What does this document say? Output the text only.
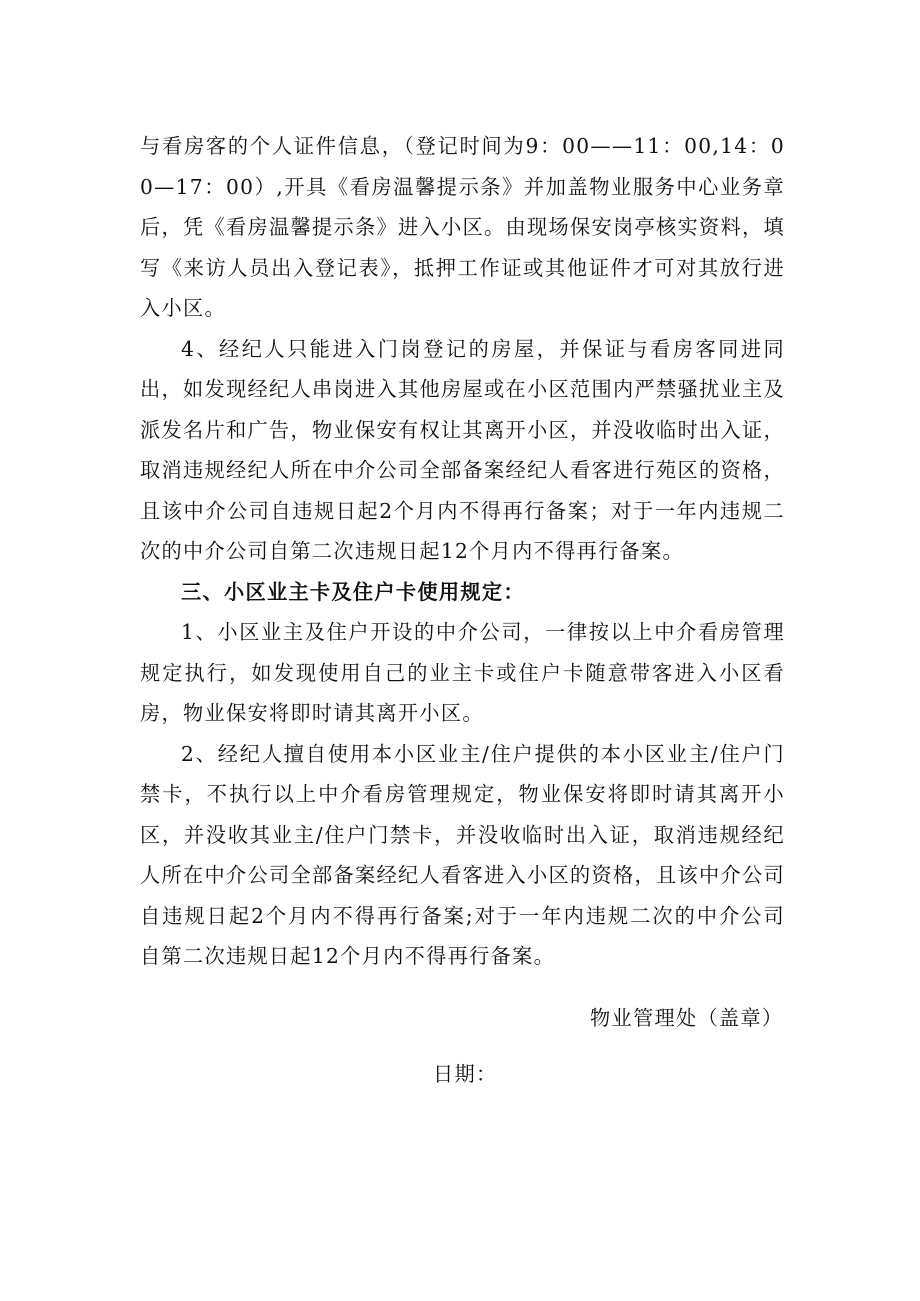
与看房客的个人证件信息，（登记时间为9：00——11：00,14：00—17：00）,开具《看房温馨提示条》并加盖物业服务中心业务章后，凭《看房温馨提示条》进入小区。由现场保安岗亭核实资料，填写《来访人员出入登记表》，抵押工作证或其他证件才可对其放行进入小区。

4、经纪人只能进入门岗登记的房屋，并保证与看房客同进同出，如发现经纪人串岗进入其他房屋或在小区范围内严禁骚扰业主及派发名片和广告，物业保安有权让其离开小区，并没收临时出入证，取消违规经纪人所在中介公司全部备案经纪人看客进行苑区的资格，且该中介公司自违规日起2个月内不得再行备案；对于一年内违规二次的中介公司自第二次违规日起12个月内不得再行备案。

三、小区业主卡及住户卡使用规定：

1、小区业主及住户开设的中介公司，一律按以上中介看房管理规定执行，如发现使用自己的业主卡或住户卡随意带客进入小区看房，物业保安将即时请其离开小区。

2、经纪人擅自使用本小区业主/住户提供的本小区业主/住户门禁卡，不执行以上中介看房管理规定，物业保安将即时请其离开小区，并没收其业主/住户门禁卡，并没收临时出入证，取消违规经纪人所在中介公司全部备案经纪人看客进入小区的资格，且该中介公司自违规日起2个月内不得再行备案;对于一年内违规二次的中介公司自第二次违规日起12个月内不得再行备案。

物业管理处（盖章）
日期：
